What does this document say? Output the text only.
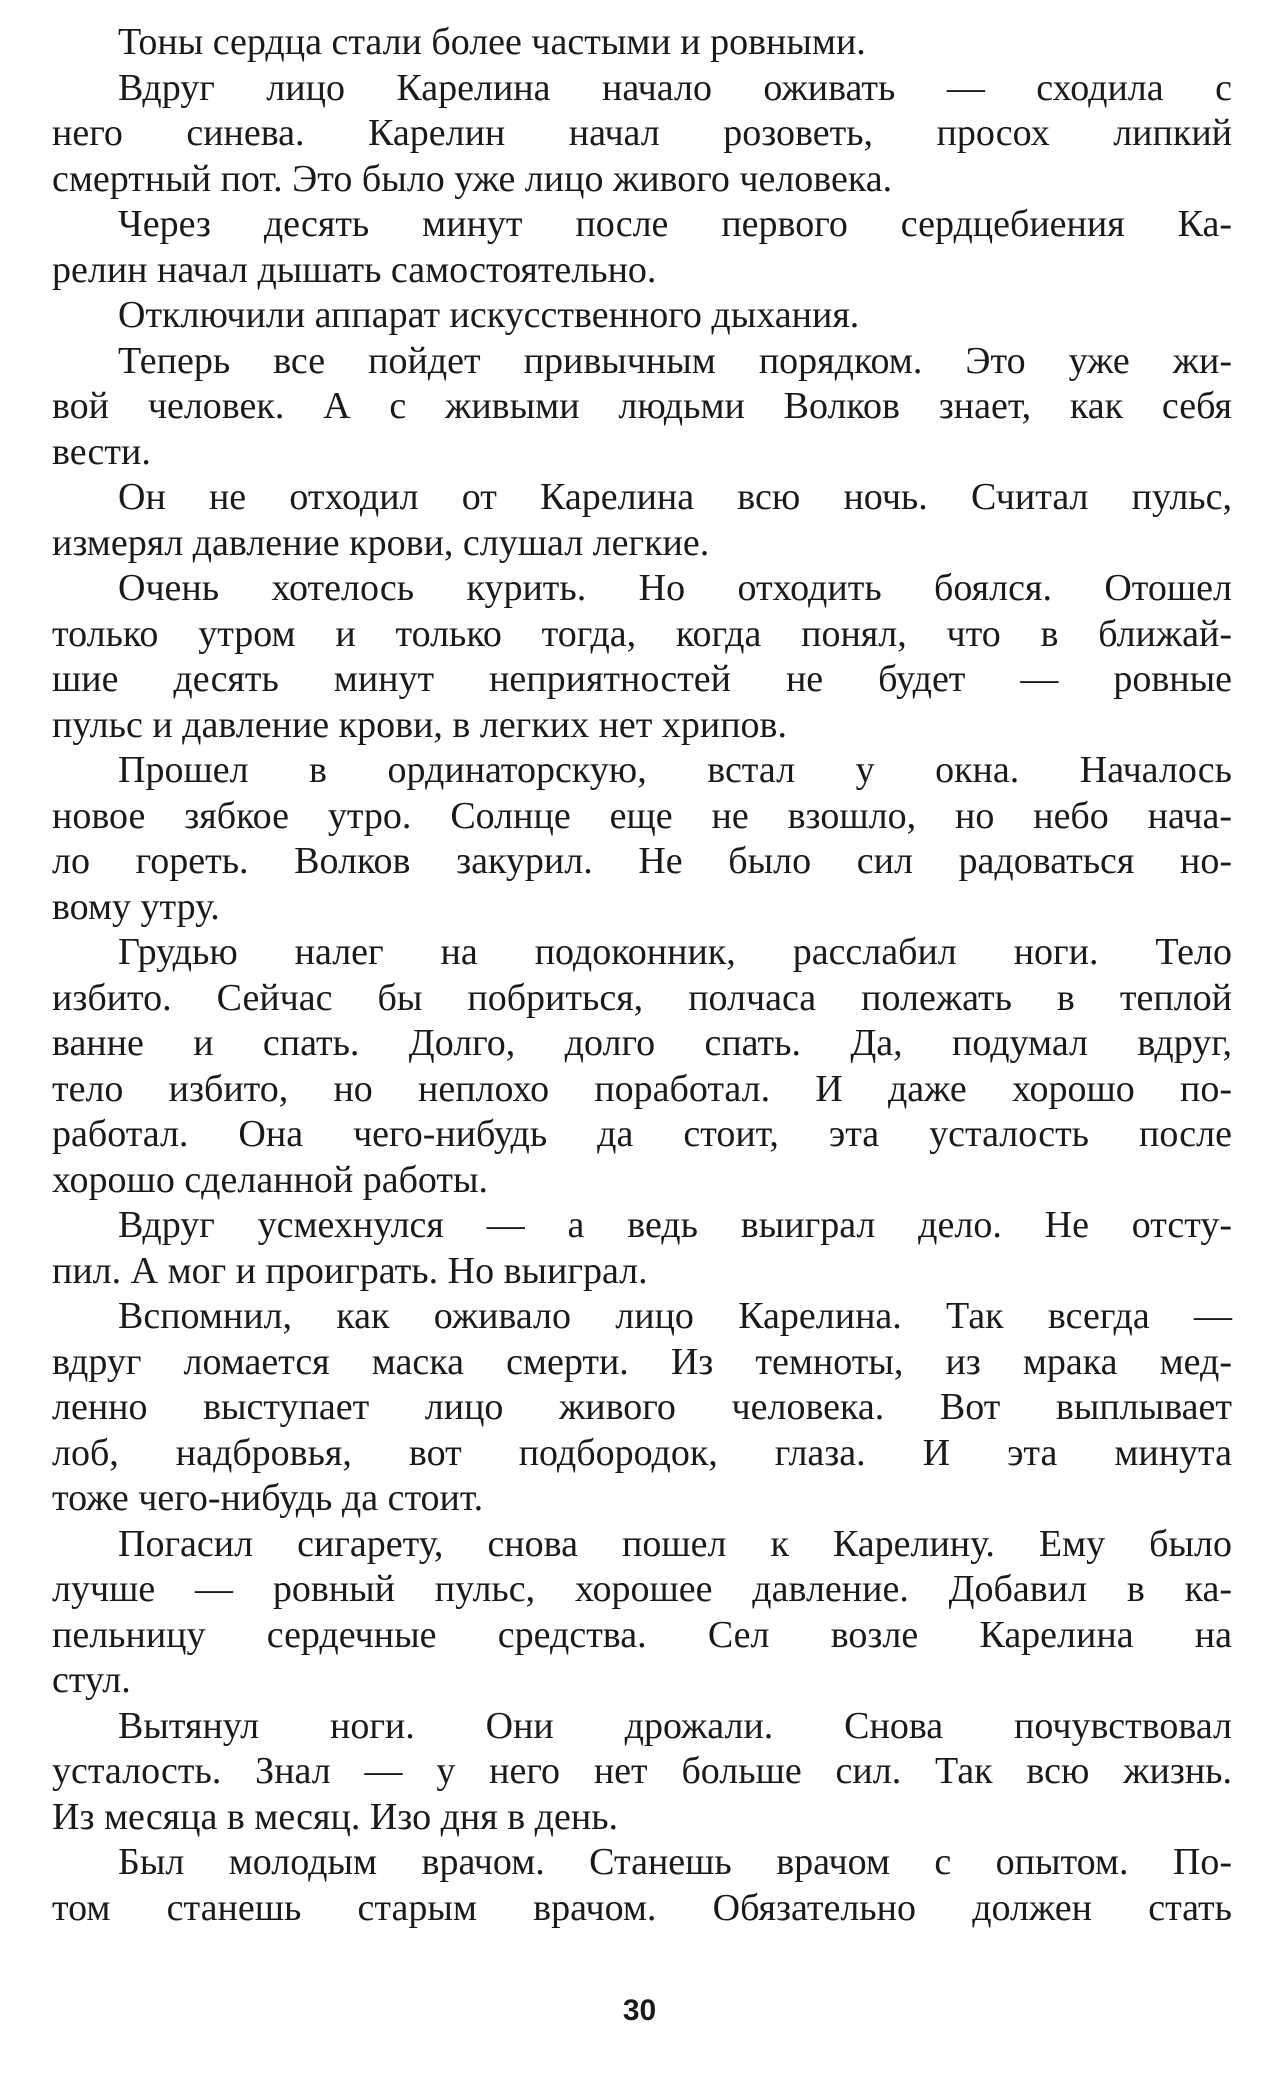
Тоны сердца стали более частыми и ровными.

Вдруг лицо Карелина начало оживать — сходила с
него синева. Карелин начал розоветь, просох липкий
смертный пот. Это было уже лицо живого человека.

Через десять минут после первого сердцебиения Ка-
релин начал дышать самостоятельно.

Отключили аппарат искусственного дыхания.

Теперь все пойдет привычным порядком. Это уже жи-
вой человек. А с живыми людьми Волков знает, как себя
вести.

Он не отходил от Карелина всю ночь. Считал пульс,
измерял давление крови, слушал легкие.

Очень хотелось курить. Но отходить боялся. Отошел
только утром и только тогда, когда понял, что в ближай-
шие десять минут неприятностей не будет — ровные
пульс и давление крови, в легких нет хрипов.

Прошел в ординаторскую, встал у окна. Началось
новое зябкое утро. Солнце еще не взошло, но небо нача-
ло гореть. Волков закурил. Не было сил радоваться но-
вому утру.

Грудью налег на подоконник, расслабил ноги. Тело
избито. Сейчас бы побриться, полчаса полежать в теплой
ванне и спать. Долго, долго спать. Да, подумал вдруг,
тело избито, но неплохо поработал. И даже хорошо по-
работал. Она чего-нибудь да стоит, эта усталость после
хорошо сделанной работы.

Вдруг усмехнулся — а ведь выиграл дело. Не отсту-
пил. А мог и проиграть. Но выиграл.

Вспомнил, как оживало лицо Карелина. Так всегда —
вдруг ломается маска смерти. Из темноты, из мрака мед-
ленно выступает лицо живого человека. Вот выплывает
лоб, надбровья, вот подбородок, глаза. И эта минута
тоже чего-нибудь да стоит.

Погасил сигарету, снова пошел к Карелину. Ему было
лучше — ровный пульс, хорошее давление. Добавил в ка-
пельницу сердечные средства. Сел возле Карелина на
стул.

Вытянул ноги. Они дрожали. Снова почувствовал
усталость. Знал — у него нет больше сил. Так всю жизнь.
Из месяца в месяц. Изо дня в день.

Был молодым врачом. Станешь врачом с опытом. По-
том станешь старым врачом. Обязательно должен стать

30
